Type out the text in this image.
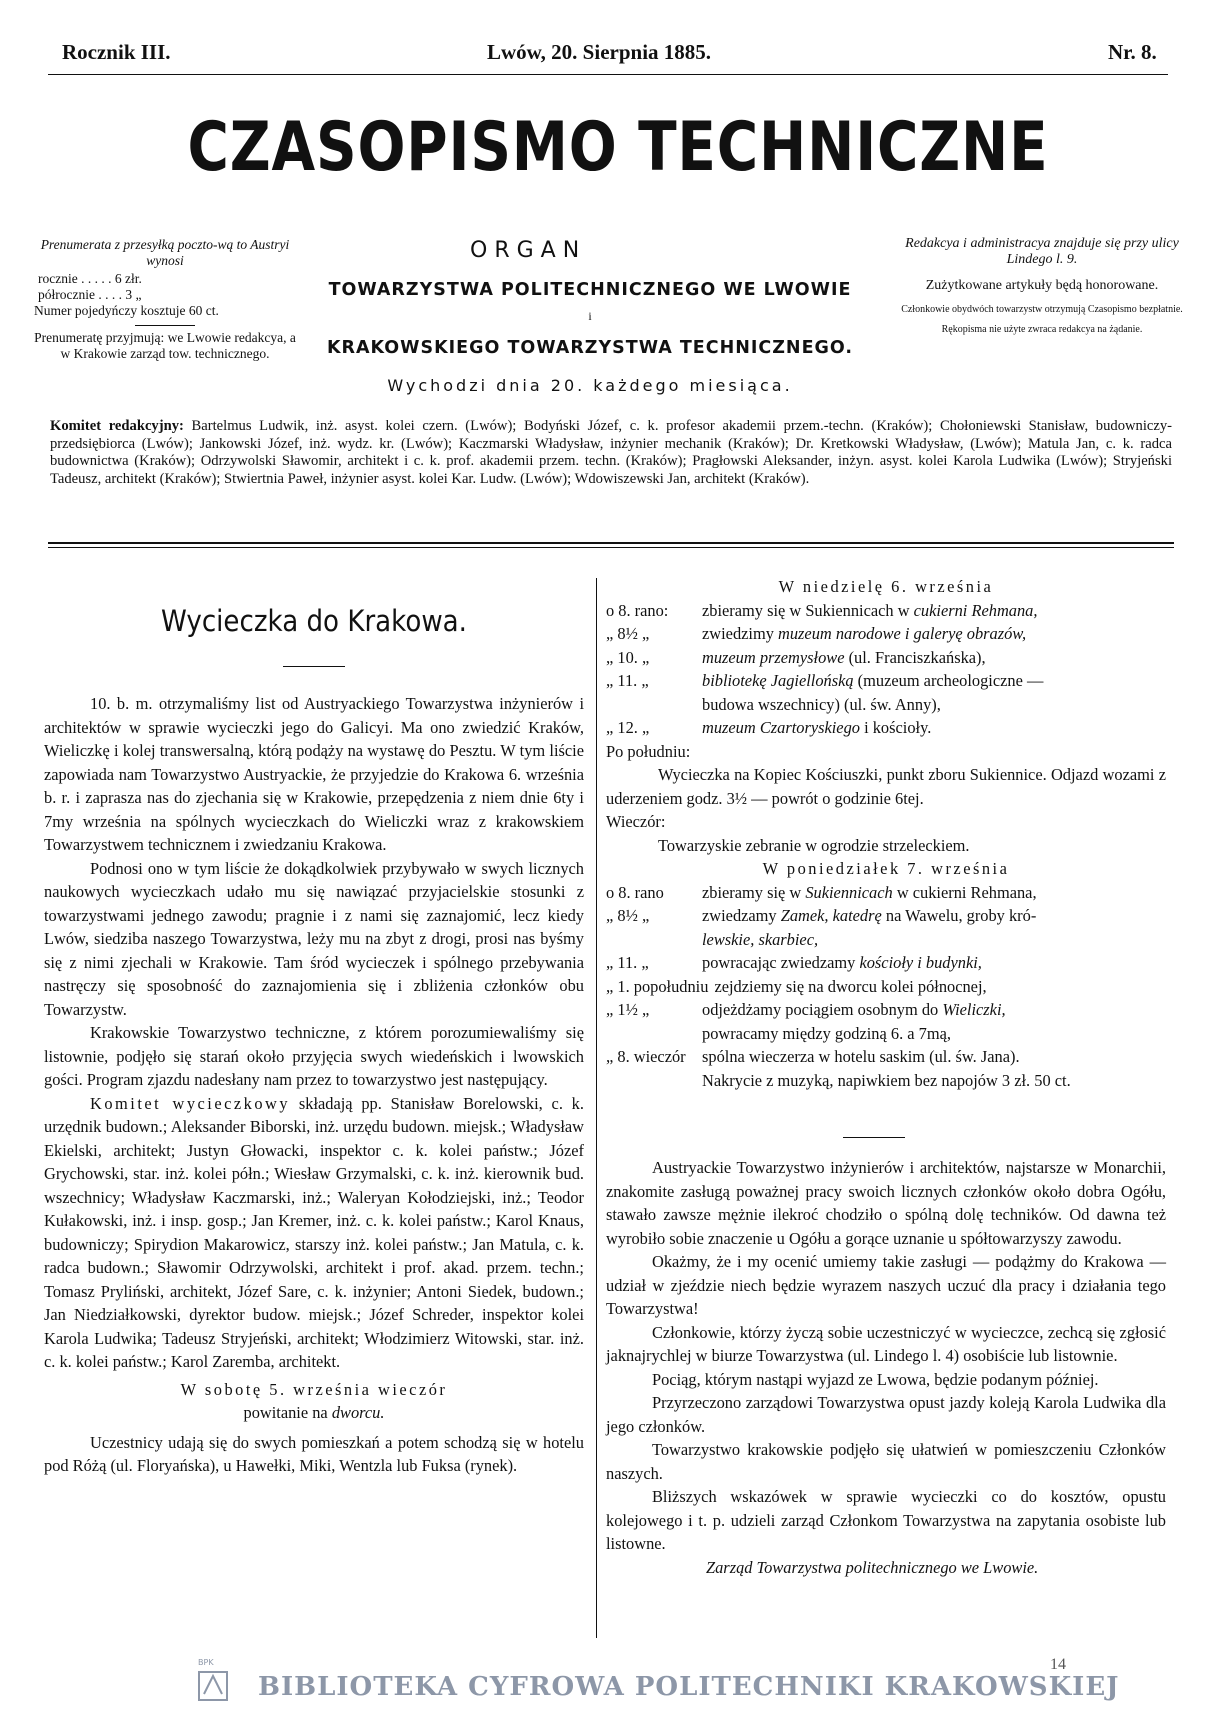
Rocznik III.	Lwów, 20. Sierpnia 1885.	Nr. 8.
CZASOPISMO TECHNICZNE
Prenumerata z przesyłką poczto-wą to Austryi wynosi
rocznie . . . . . 6 złr.
półrocznie . . . . 3 „
Numer pojedyńczy kosztuje 60 ct.
Prenumeratę przyjmują: we Lwowie redakcya, a w Krakowie zarząd tow. technicznego.
ORGAN
TOWARZYSTWA POLITECHNICZNEGO WE LWOWIE
i
KRAKOWSKIEGO TOWARZYSTWA TECHNICZNEGO.
Wychodzi dnia 20. każdego miesiąca.
Redakcya i administracya znajduje się przy ulicy Lindego l. 9.
Zużytkowane artykuły będą honorowane.
Członkowie obydwóch towarzystw otrzymują Czasopismo bezpłatnie.
Rękopisma nie użyte zwraca redakcya na żądanie.
Komitet redakcyjny: Bartelmus Ludwik, inż. asyst. kolei czern. (Lwów); Bodyński Józef, c. k. profesor akademii przem.-techn. (Kraków); Chołoniewski Stanisław, budowniczy-przedsiębiorca (Lwów); Jankowski Józef, inż. wydz. kr. (Lwów); Kaczmarski Władysław, inżynier mechanik (Kraków); Dr. Kretkowski Władysław, (Lwów); Matula Jan, c. k. radca budownictwa (Kraków); Odrzywolski Sławomir, architekt i c. k. prof. akademii przem. techn. (Kraków); Pragłowski Aleksander, inżyn. asyst. kolei Karola Ludwika (Lwów); Stryjeński Tadeusz, architekt (Kraków); Stwiertnia Paweł, inżynier asyst. kolei Kar. Ludw. (Lwów); Wdowiszewski Jan, architekt (Kraków).
Wycieczka do Krakowa.

10. b. m. otrzymaliśmy list od Austryackiego Towarzystwa inżynierów i architektów w sprawie wycieczki jego do Galicyi. Ma ono zwiedzić Kraków, Wieliczkę i kolej transwersalną, którą podąży na wystawę do Pesztu. W tym liście zapowiada nam Towarzystwo Austryackie, że przyjedzie do Krakowa 6. września b. r. i zaprasza nas do zjechania się w Krakowie, przepędzenia z niem dnie 6ty i 7my września na spólnych wycieczkach do Wieliczki wraz z krakowskiem Towarzystwem technicznem i zwiedzaniu Krakowa.

Podnosi ono w tym liście że dokądkolwiek przybywało w swych licznych naukowych wycieczkach udało mu się nawiązać przyjacielskie stosunki z towarzystwami jednego zawodu; pragnie i z nami się zaznajomić, lecz kiedy Lwów, siedziba naszego Towarzystwa, leży mu na zbyt z drogi, prosi nas byśmy się z nimi zjechali w Krakowie. Tam śród wycieczek i spólnego przebywania nastręczy się sposobność do zaznajomienia się i zbliżenia członków obu Towarzystw.

Krakowskie Towarzystwo techniczne, z którem porozumiewaliśmy się listownie, podjęło się starań około przyjęcia swych wiedeńskich i lwowskich gości. Program zjazdu nadesłany nam przez to towarzystwo jest następujący.

Komitet wycieczkowy składają pp. Stanisław Borelowski, c. k. urzędnik budown.; Aleksander Biborski, inż. urzędu budown. miejsk.; Władysław Ekielski, architekt; Justyn Głowacki, inspektor c. k. kolei państw.; Józef Grychowski, star. inż. kolei półn.; Wiesław Grzymalski, c. k. inż. kierownik bud. wszechnicy; Władysław Kaczmarski, inż.; Waleryan Kołodziejski, inż.; Teodor Kułakowski, inż. i insp. gosp.; Jan Kremer, inż. c. k. kolei państw.; Karol Knaus, budowniczy; Spirydion Makarowicz, starszy inż. kolei państw.; Jan Matula, c. k. radca budown.; Sławomir Odrzywolski, architekt i prof. akad. przem. techn.; Tomasz Pryliński, architekt, Józef Sare, c. k. inżynier; Antoni Siedek, budown.; Jan Niedziałkowski, dyrektor budow. miejsk.; Józef Schreder, inspektor kolei Karola Ludwika; Tadeusz Stryjeński, architekt; Włodzimierz Witowski, star. inż. c. k. kolei państw.; Karol Zaremba, architekt.

W sobotę 5. września wieczór

powitanie na dworcu.

Uczestnicy udają się do swych pomieszkań a potem schodzą się w hotelu pod Różą (ul. Floryańska), u Hawełki, Miki, Wentzla lub Fuksa (rynek).

W niedzielę 6. września
o 8. rano:	zbieramy się w Sukiennicach w cukierni Rehmana,
„ 8½ „	zwiedzimy muzeum narodowe i galeryę obrazów,
„ 10. „	muzeum przemysłowe (ul. Franciszkańska),
„ 11. „	bibliotekę Jagiellońską (muzeum archeologiczne —
budowa wszechnicy) (ul. św. Anny),
„ 12. „	muzeum Czartoryskiego i kościoły.
Po południu:
Wycieczka na Kopiec Kościuszki, punkt zboru Sukiennice. Odjazd wozami z uderzeniem godz. 3½ — powrót o godzinie 6tej.
Wieczór:
Towarzyskie zebranie w ogrodzie strzeleckiem.
W poniedziałek 7. września
o 8. rano	zbieramy się w Sukiennicach w cukierni Rehmana,
„ 8½ „	zwiedzamy Zamek, katedrę na Wawelu, groby kró-
lewskie, skarbiec,
„ 11. „	powracając zwiedzamy kościoły i budynki,
„ 1. popołudniu zejdziemy się na dworcu kolei północnej,
„ 1½ „	odjeżdżamy pociągiem osobnym do Wieliczki,
powracamy między godziną 6. a 7mą,
„ 8. wieczór spólna wieczerza w hotelu saskim (ul. św. Jana).
Nakrycie z muzyką, napiwkiem bez napojów 3 zł. 50 ct.

Austryackie Towarzystwo inżynierów i architektów, najstarsze w Monarchii, znakomite zasługą poważnej pracy swoich licznych członków około dobra Ogółu, stawało zawsze mężnie ilekroć chodziło o spólną dolę techników. Od dawna też wyrobiło sobie znaczenie u Ogółu a gorące uznanie u spółtowarzyszy zawodu.

Okażmy, że i my ocenić umiemy takie zasługi — podążmy do Krakowa — udział w zjeździe niech będzie wyrazem naszych uczuć dla pracy i działania tego Towarzystwa!

Członkowie, którzy życzą sobie uczestniczyć w wycieczce, zechcą się zgłosić jaknajrychlej w biurze Towarzystwa (ul. Lindego l. 4) osobiście lub listownie.

Pociąg, którym nastąpi wyjazd ze Lwowa, będzie podanym później.

Przyrzeczono zarządowi Towarzystwa opust jazdy koleją Karola Ludwika dla jego członków.

Towarzystwo krakowskie podjęło się ułatwień w pomieszczeniu Członków naszych.

Bliższych wskazówek w sprawie wycieczki co do kosztów, opustu kolejowego i t. p. udzieli zarząd Członkom Towarzystwa na zapytania osobiste lub listowne.

Zarząd Towarzystwa politechnicznego we Lwowie.

14
BPK
BIBLIOTEKA CYFROWA POLITECHNIKI KRAKOWSKIEJ
